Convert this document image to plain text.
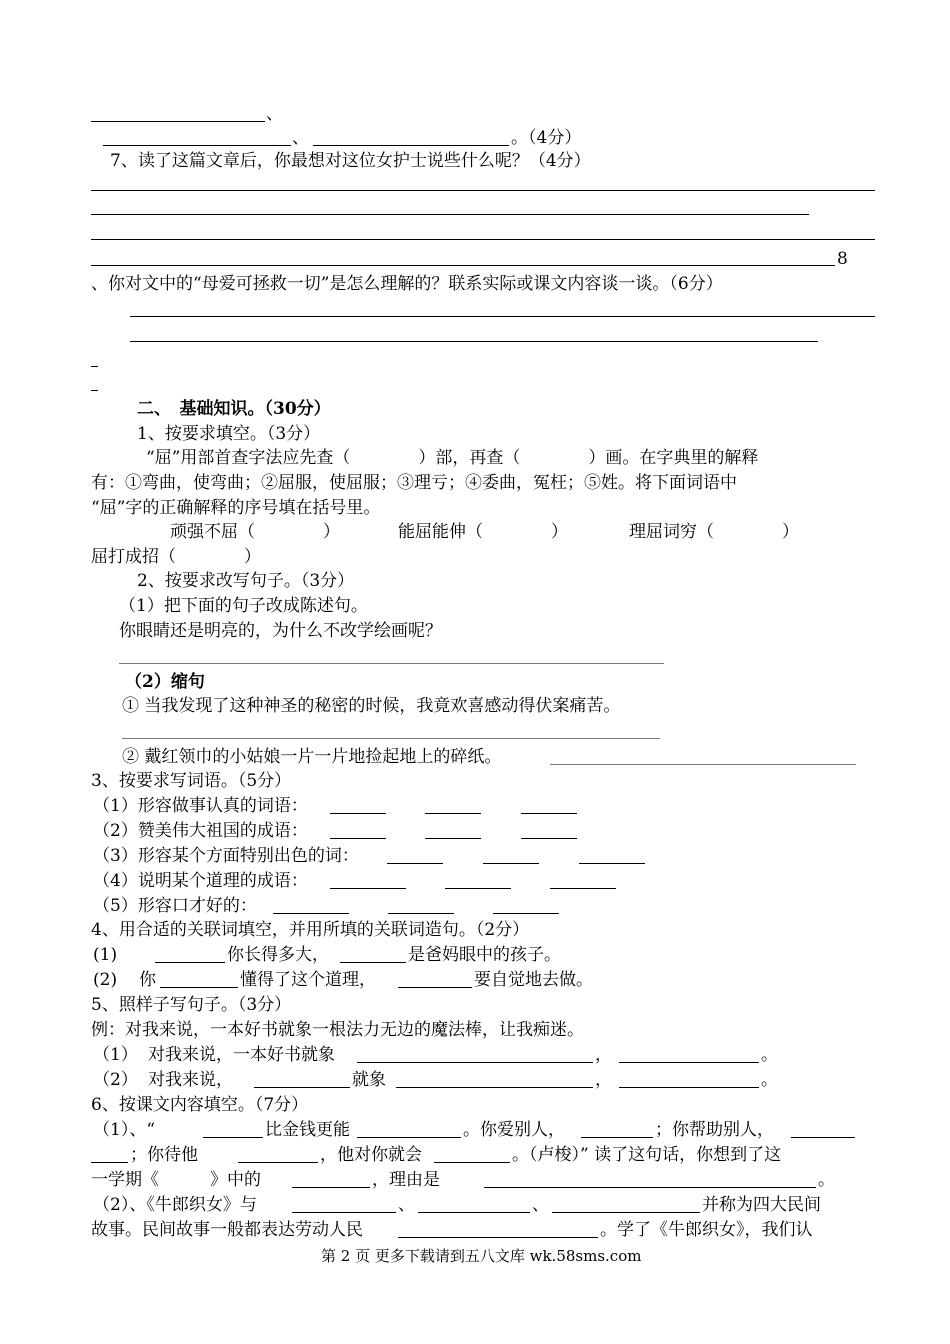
、
、	。（4分）
7、读了这篇文章后，你最想对这位女护士说些什么呢？（4分）
8
、你对文中的“母爱可拯救一切”是怎么理解的？联系实际或课文内容谈一谈。（6分）
二、　基础知识。（30分）
1、按要求填空。（3分）
“屈”用部首查字法应先查（　　　　）部，再查（　　　　）画。在字典里的解释
有：①弯曲，使弯曲；②屈服，使屈服；③理亏；④委曲，冤枉；⑤姓。将下面词语中
“屈”字的正确解释的序号填在括号里。
顽强不屈（　　　　）	能屈能伸（　　　　）	理屈词穷（　　　　）
屈打成招（　　　　）
2、按要求改写句子。（3分）
（1）把下面的句子改成陈述句。
你眼睛还是明亮的，为什么不改学绘画呢？
（2）缩句
① 当我发现了这种神圣的秘密的时候，我竟欢喜感动得伏案痛苦。
② 戴红领巾的小姑娘一片一片地捡起地上的碎纸。
3、按要求写词语。（5分）
（1）形容做事认真的词语：
（2）赞美伟大祖国的成语：
（3）形容某个方面特别出色的词：
（4）说明某个道理的成语：
（5）形容口才好的：
4、用合适的关联词填空，并用所填的关联词造句。（2分）
(1)	你长得多大，	是爸妈眼中的孩子。
(2) 你	懂得了这个道理，	要自觉地去做。
5、照样子写句子。（3分）
例：对我来说，一本好书就象一根法力无边的魔法棒，让我痴迷。
（1） 对我来说，一本好书就象	，	。
（2） 对我来说，	就象	，	。
6、按课文内容填空。（7分）
（1）、“	比金钱更能	。你爱别人，	；你帮助别人，
；你待他	，他对你就会	。（卢梭）” 读了这句话，你想到了这
一学期《　　　》中的	，理由是	。
（2）、《牛郎织女》与	、	、	并称为四大民间
故事。民间故事一般都表达劳动人民	。学了《牛郎织女》，我们认
第 2 页 更多下载请到五八文库 wk.58sms.com
